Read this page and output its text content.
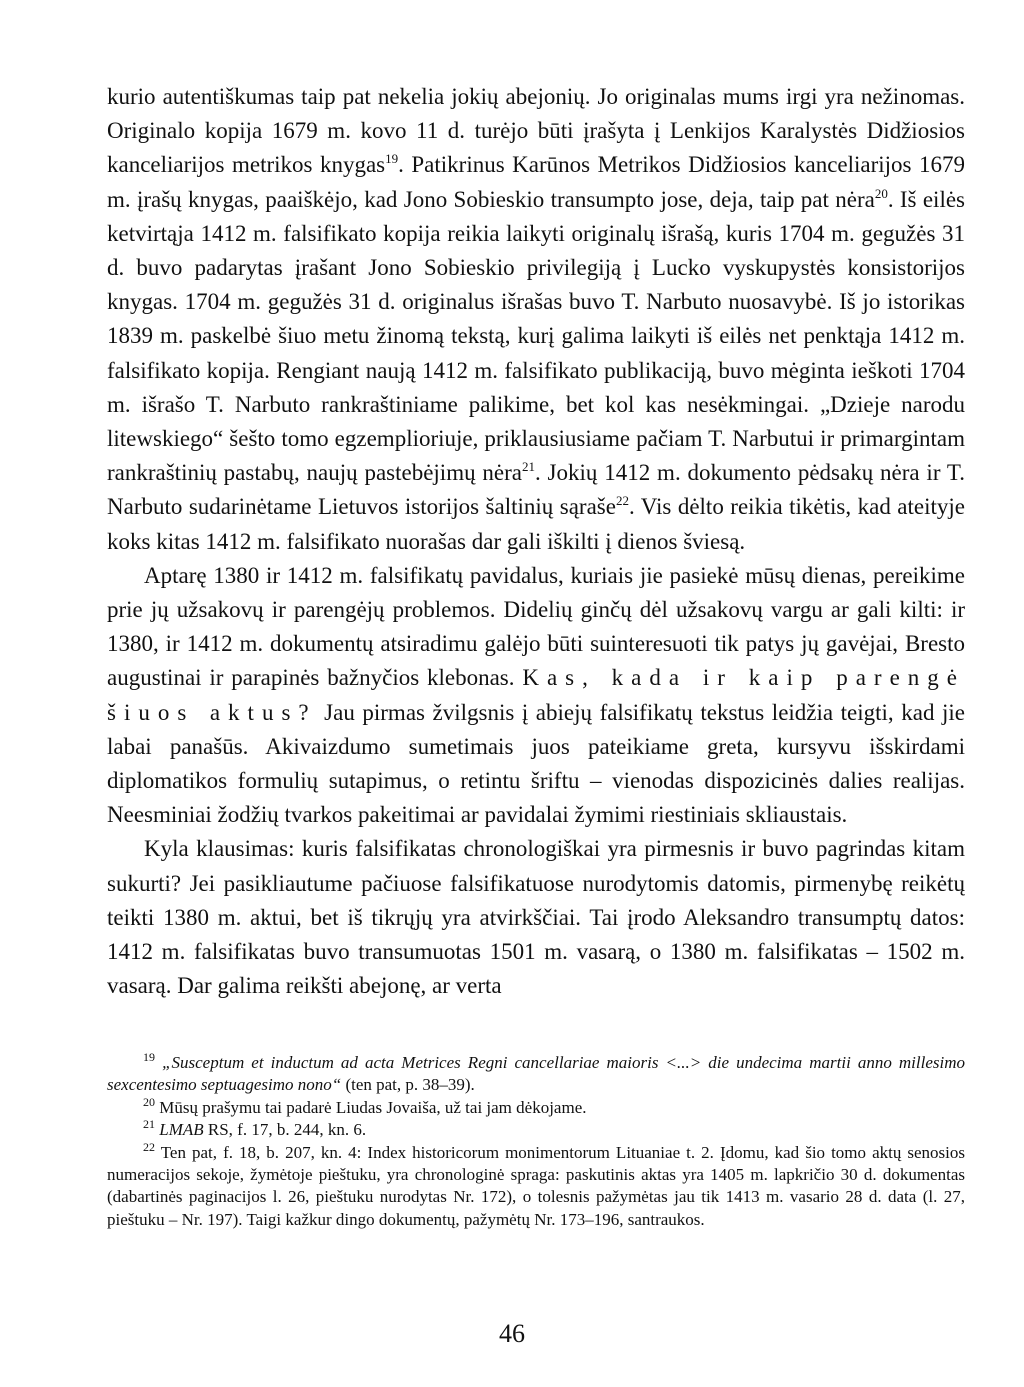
kurio autentiškumas taip pat nekelia jokių abejonių. Jo originalas mums irgi yra nežinomas. Originalo kopija 1679 m. kovo 11 d. turėjo būti įrašyta į Lenkijos Karalystės Didžiosios kanceliarijos metrikos knygas$^{19}$. Patikrinus Karūnos Metrikos Didžiosios kanceliarijos 1679 m. įrašų knygas, paaiškėjo, kad Jono Sobieskio transumpto jose, deja, taip pat nėra$^{20}$. Iš eilės ketvirtąja 1412 m. falsifikato kopija reikia laikyti originalų išrašą, kuris 1704 m. gegužės 31 d. buvo padarytas įrašant Jono Sobieskio privilegiją į Lucko vyskupystės konsistorijos knygas. 1704 m. gegužės 31 d. originalus išrašas buvo T. Narbuto nuosavybė. Iš jo istorikas 1839 m. paskelbė šiuo metu žinomą tekstą, kurį galima laikyti iš eilės net penktąja 1412 m. falsifikato kopija. Rengiant naują 1412 m. falsifikato publikaciją, buvo mėginta ieškoti 1704 m. išrašo T. Narbuto rankraštiniame palikime, bet kol kas nesėkmingai. „Dzieje narodu litewskiego“ šešto tomo egzemplioriuje, priklausiusiame pačiam T. Narbutui ir primargintam rankraštinių pastabų, naujų pastebėjimų nėra$^{21}$. Jokių 1412 m. dokumento pėdsakų nėra ir T. Narbuto sudarinėtame Lietuvos istorijos šaltinių sąraše$^{22}$. Vis dėlto reikia tikėtis, kad ateityje koks kitas 1412 m. falsifikato nuorašas dar gali iškilti į dienos šviesą.

Aptarę 1380 ir 1412 m. falsifikatų pavidalus, kuriais jie pasiekė mūsų dienas, pereikime prie jų užsakovų ir parengėjų problemos. Didelių ginčų dėl užsakovų vargu ar gali kilti: ir 1380, ir 1412 m. dokumentų atsiradimu galėjo būti suinteresuoti tik patys jų gavėjai, Bresto augustinai ir parapinės bažnyčios klebonas. Kas, kada ir kaip parengė šiuos aktus? Jau pirmas žvilgsnis į abiejų falsifikatų tekstus leidžia teigti, kad jie labai panašūs. Akivaizdumo sumetimais juos pateikiame greta, kursyvu išskirdami diplomatikos formulių sutapimus, o retintu šriftu – vienodas dispozicinės dalies realijas. Neesminiai žodžių tvarkos pakeitimai ar pavidalai žymimi riestiniais skliaustais.

Kyla klausimas: kuris falsifikatas chronologiškai yra pirmesnis ir buvo pagrindas kitam sukurti? Jei pasikliautume pačiuose falsifikatuose nurodytomis datomis, pirmenybę reikėtų teikti 1380 m. aktui, bet iš tikrųjų yra atvirkščiai. Tai įrodo Aleksandro transumptų datos: 1412 m. falsifikatas buvo transumuotas 1501 m. vasarą, o 1380 m. falsifikatas – 1502 m. vasarą. Dar galima reikšti abejonę, ar verta

$^{19}$ „Susceptum et inductum ad acta Metrices Regni cancellariae maioris <...> die undecima martii anno millesimo sexcentesimo septuagesimo nono“ (ten pat, p. 38–39).

$^{20}$ Mūsų prašymu tai padarė Liudas Jovaiša, už tai jam dėkojame.

$^{21}$ LMAB RS, f. 17, b. 244, kn. 6.

$^{22}$ Ten pat, f. 18, b. 207, kn. 4: Index historicorum monimentorum Lituaniae t. 2. Įdomu, kad šio tomo aktų senosios numeracijos sekoje, žymėtoje pieštuku, yra chronologinė spraga: paskutinis aktas yra 1405 m. lapkričio 30 d. dokumentas (dabartinės paginacijos l. 26, pieštuku nurodytas Nr. 172), o tolesnis pažymėtas jau tik 1413 m. vasario 28 d. data (l. 27, pieštuku – Nr. 197). Taigi kažkur dingo dokumentų, pažymėtų Nr. 173–196, santraukos.

46
